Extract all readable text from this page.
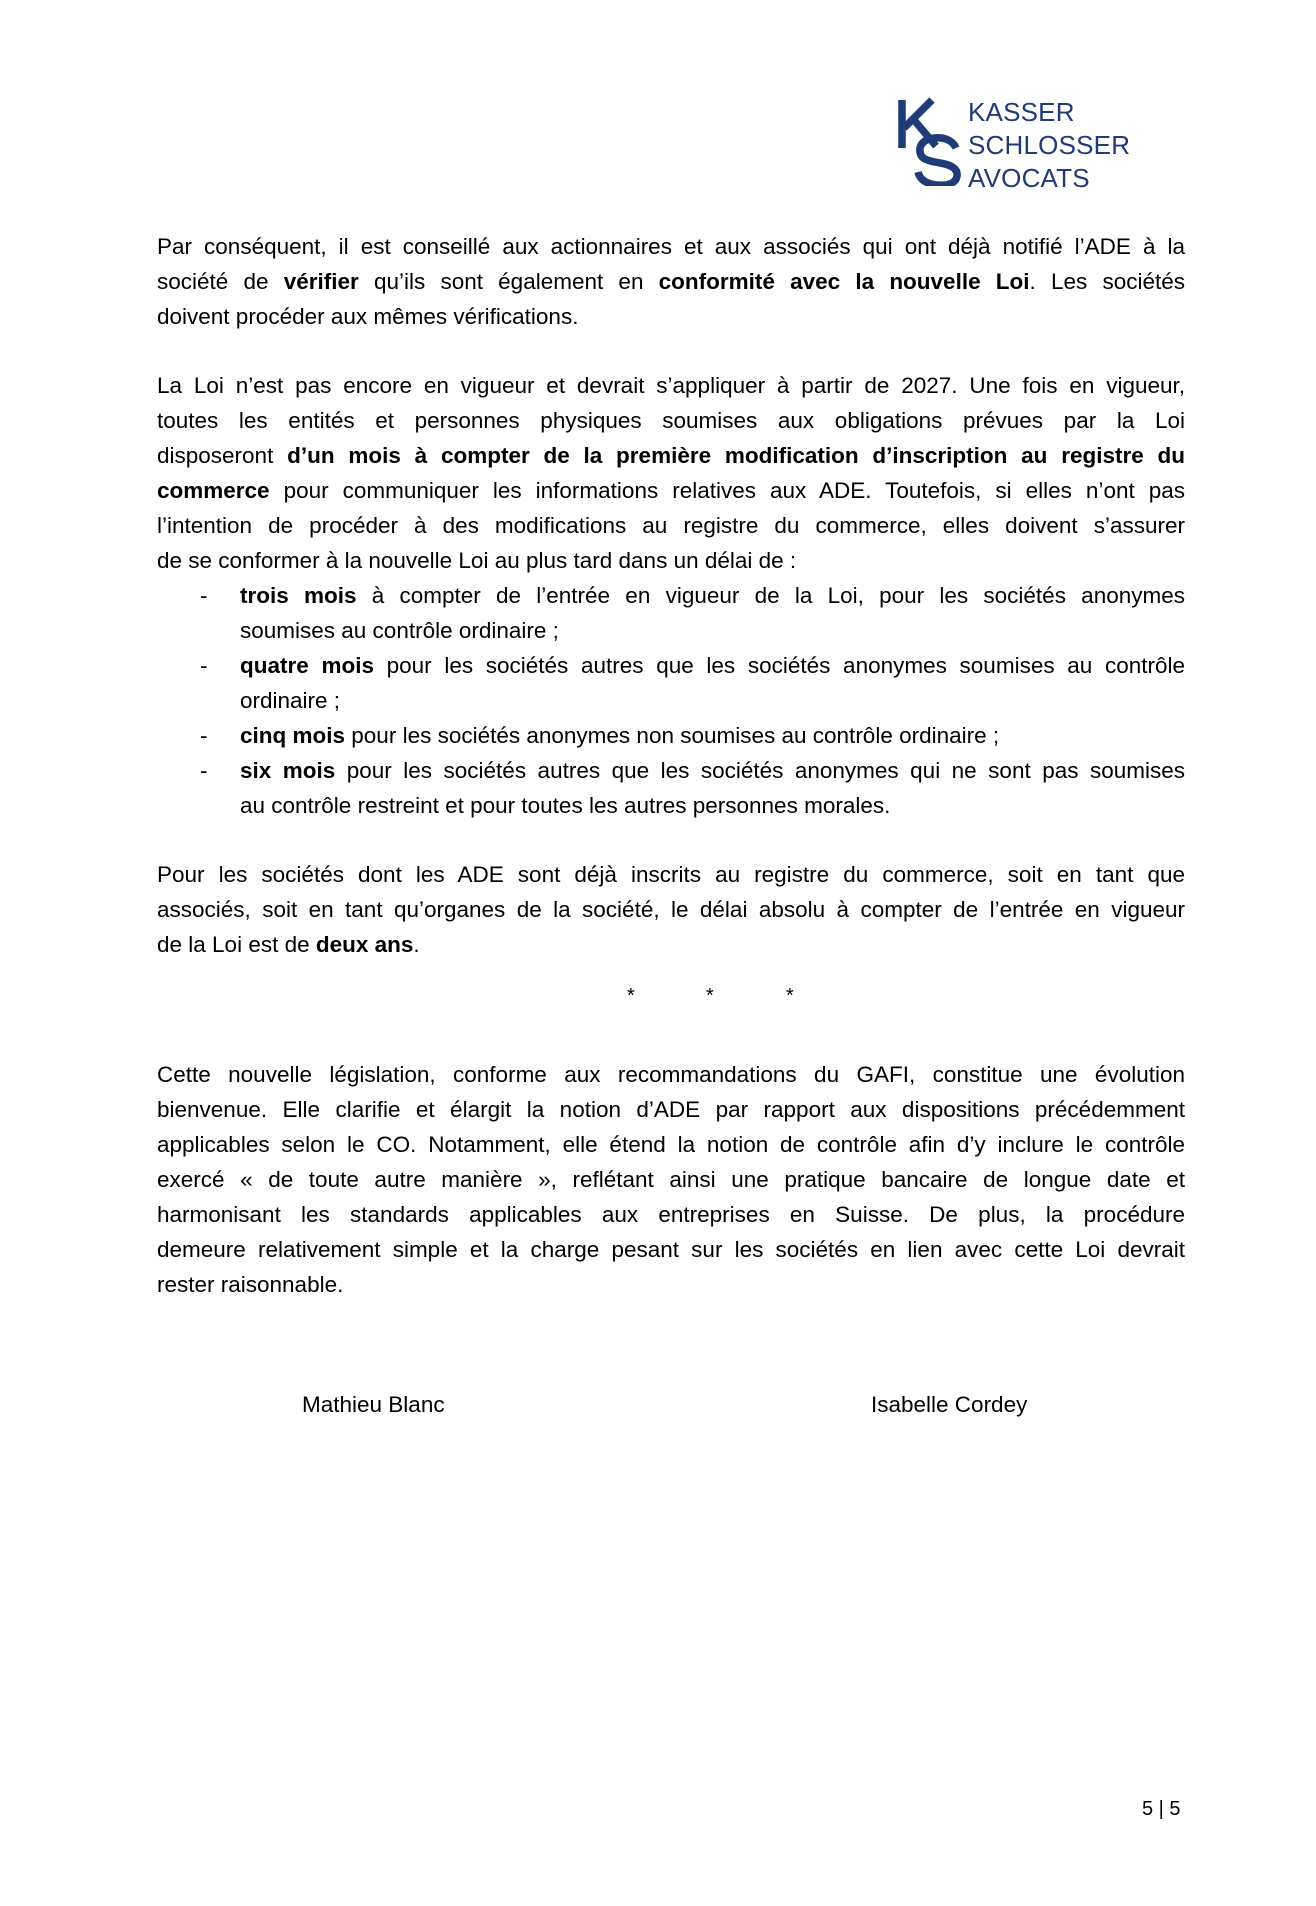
KASSER
SCHLOSSER
AVOCATS
Par conséquent, il est conseillé aux actionnaires et aux associés qui ont déjà notifié l’ADE à la
société de vérifier qu’ils sont également en conformité avec la nouvelle Loi. Les sociétés
doivent procéder aux mêmes vérifications.
La Loi n’est pas encore en vigueur et devrait s’appliquer à partir de 2027. Une fois en vigueur,
toutes les entités et personnes physiques soumises aux obligations prévues par la Loi
disposeront d’un mois à compter de la première modification d’inscription au registre du
commerce pour communiquer les informations relatives aux ADE. Toutefois, si elles n’ont pas
l’intention de procéder à des modifications au registre du commerce, elles doivent s’assurer
de se conformer à la nouvelle Loi au plus tard dans un délai de :
- trois mois à compter de l’entrée en vigueur de la Loi, pour les sociétés anonymes
soumises au contrôle ordinaire ;
- quatre mois pour les sociétés autres que les sociétés anonymes soumises au contrôle
ordinaire ;
- cinq mois pour les sociétés anonymes non soumises au contrôle ordinaire ;
- six mois pour les sociétés autres que les sociétés anonymes qui ne sont pas soumises
au contrôle restreint et pour toutes les autres personnes morales.
Pour les sociétés dont les ADE sont déjà inscrits au registre du commerce, soit en tant que
associés, soit en tant qu’organes de la société, le délai absolu à compter de l’entrée en vigueur
de la Loi est de deux ans.
*	*	*
Cette nouvelle législation, conforme aux recommandations du GAFI, constitue une évolution
bienvenue. Elle clarifie et élargit la notion d’ADE par rapport aux dispositions précédemment
applicables selon le CO. Notamment, elle étend la notion de contrôle afin d’y inclure le contrôle
exercé « de toute autre manière », reflétant ainsi une pratique bancaire de longue date et
harmonisant les standards applicables aux entreprises en Suisse. De plus, la procédure
demeure relativement simple et la charge pesant sur les sociétés en lien avec cette Loi devrait
rester raisonnable.
Mathieu Blanc	Isabelle Cordey
5 | 5
